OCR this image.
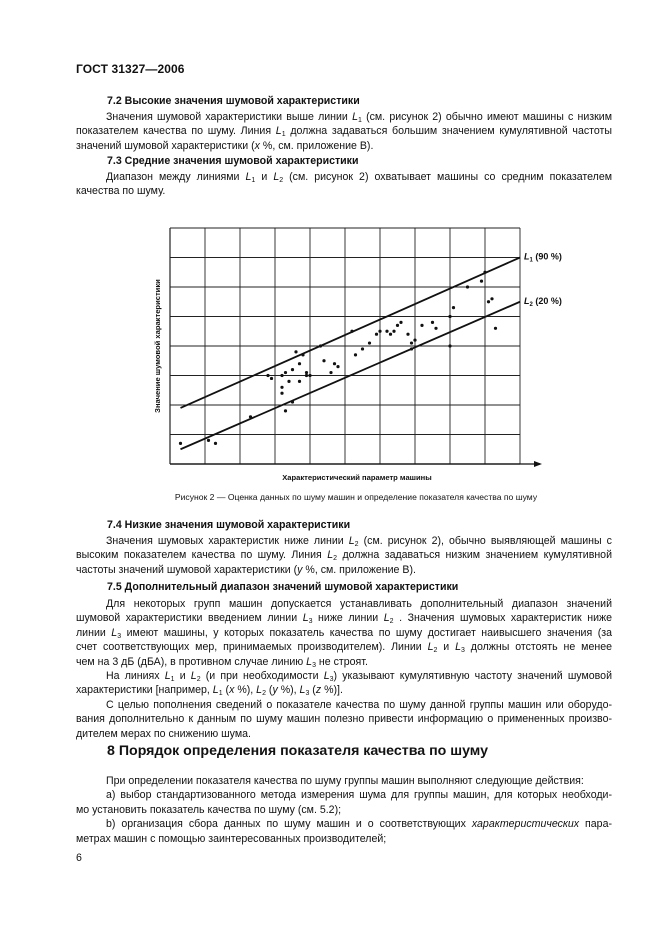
ГОСТ 31327—2006
7.2 Высокие значения шумовой характеристики
Значения шумовой характеристики выше линии $L_1$ (см. рисунок 2) обычно имеют машины с низким
показателем качества по шуму. Линия $L_1$ должна задаваться большим значением кумулятивной частоты
значений шумовой характеристики (x %, см. приложение В).
7.3 Средние значения шумовой характеристики
Диапазон между линиями $L_1$ и $L_2$ (см. рисунок 2) охватывает машины со средним показателем
качества по шуму.
$L_1$ (90 %)
$L_2$ (20 %)
Характеристический параметр машины
Значение шумовой характеристики
Рисунок 2 — Оценка данных по шуму машин и определение показателя качества по шуму
7.4 Низкие значения шумовой характеристики
Значения шумовых характеристик ниже линии $L_2$ (см. рисунок 2), обычно выявляющей машины с
высоким показателем качества по шуму. Линия $L_2$ должна задаваться низким значением кумулятивной
частоты значений шумовой характеристики (y %, см. приложение В).
7.5 Дополнительный диапазон значений шумовой характеристики
Для некоторых групп машин допускается устанавливать дополнительный диапазон значений
шумовой характеристики введением линии $L_3$ ниже линии $L_2$ . Значения шумовых характеристик ниже
линии $L_3$ имеют машины, у которых показатель качества по шуму достигает наивысшего значения (за
счет соответствующих мер, принимаемых производителем). Линии $L_2$ и $L_3$ должны отстоять не менее
чем на 3 дБ (дБА), в противном случае линию $L_3$ не строят.
На линиях $L_1$ и $L_2$ (и при необходимости $L_3$) указывают кумулятивную частоту значений шумовой
характеристики [например, $L_1$ (x %), $L_2$ (y %), $L_3$ (z %)].
С целью пополнения сведений о показателе качества по шуму данной группы машин или оборудо-
вания дополнительно к данным по шуму машин полезно привести информацию о примененных произво-
дителем мерах по снижению шума.
8 Порядок определения показателя качества по шуму
При определении показателя качества по шуму группы машин выполняют следующие действия:
а) выбор стандартизованного метода измерения шума для группы машин, для которых необходи-
мо установить показатель качества по шуму (см. 5.2);
b) организация сбора данных по шуму машин и о соответствующих характеристических пара-
метрах машин с помощью заинтересованных производителей;
6
